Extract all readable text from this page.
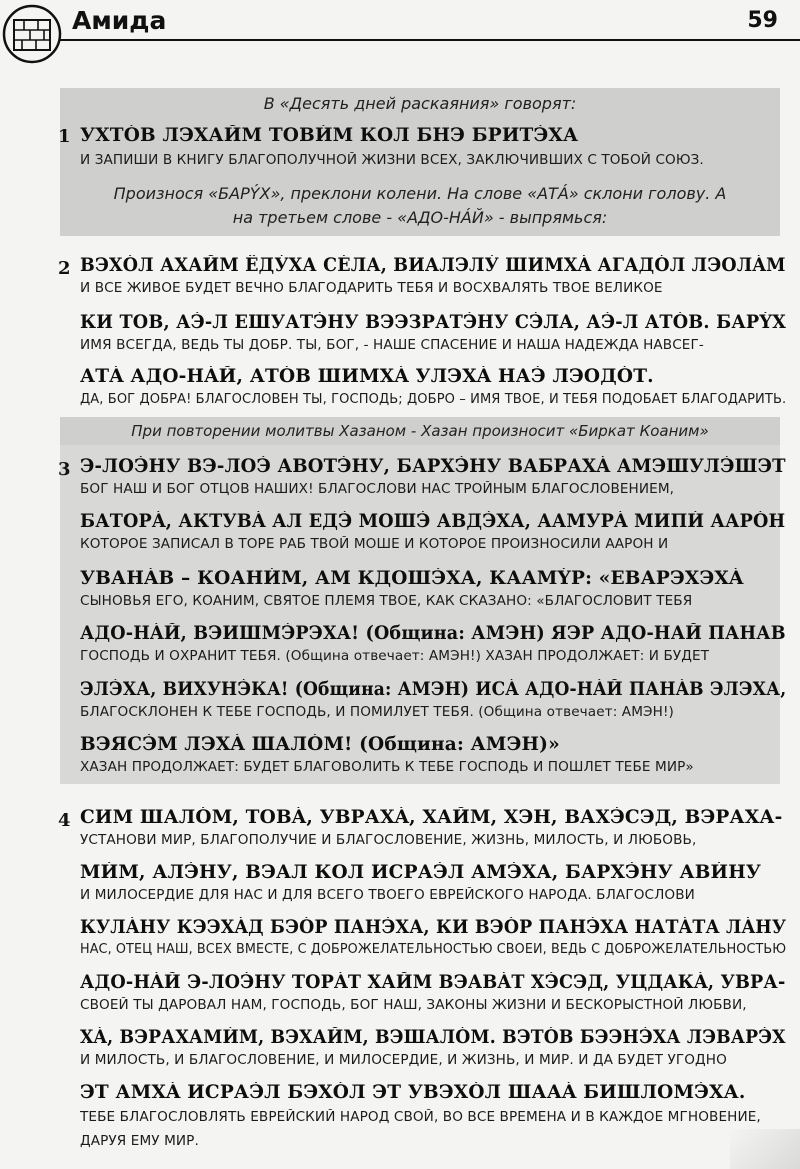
Амида	59
В «Десять дней раскаяния» говорят:
1 УХТÓВ ЛЭХАЙМ ТОВИ́М КОЛ БНЭ БРИТЭ́ХА
И ЗАПИШИ В КНИГУ БЛАГОПОЛУЧНОЙ ЖИЗНИ ВСЕХ, ЗАКЛЮЧИВШИХ С ТОБОЙ СОЮЗ.
Произнося «БАРÝХ», преклони колени. На слове «АТÁ» склони голову. А
на третьем слове - «АДО-НÁЙ» - выпрямься:
2 ВЭХÓЛ АХАЙМ ЁДУ́ХА СÉЛА, ВИАЛЭЛУ́ ШИМХÁ АГАДÓЛ ЛЭОЛÁМ
И ВСЕ ЖИВОЕ БУДЕТ ВЕЧНО БЛАГОДАРИТЬ ТЕБЯ И ВОСХВАЛЯТЬ ТВОЕ ВЕЛИКОЕ
КИ ТОВ, АЭ́-Л ЕШУАТЭ́НУ ВЭЭЗРАТЭ́НУ СЭ́ЛА, АЭ́-Л АТÓВ. БАРÝХ
ИМЯ ВСЕГДА, ВЕДЬ ТЫ ДОБР. ТЫ, БОГ, - НАШЕ СПАСЕНИЕ И НАША НАДЕЖДА НАВСЕГ-
АТÁ АДО-НÁЙ, АТÓВ ШИМХÁ УЛЭХÁ НАЭ́ ЛЭОДÓТ.
ДА, БОГ ДОБРА! БЛАГОСЛОВЕН ТЫ, ГОСПОДЬ; ДОБРО – ИМЯ ТВОЕ, И ТЕБЯ ПОДОБАЕТ БЛАГОДАРИТЬ.
При повторении молитвы Хазаном - Хазан произносит «Биркат Коаним»
3 Э-ЛОЭ́НУ ВЭ-ЛОЭ́ АВОТЭ́НУ, БАРХЭ́НУ ВАБРАХÁ АМЭШУЛЭ́ШЭТ
БОГ НАШ И БОГ ОТЦОВ НАШИХ! БЛАГОСЛОВИ НАС ТРОЙНЫМ БЛАГОСЛОВЕНИЕМ,
БАТОРÁ, АКТУВÁ АЛ ЕДЭ́ МОШЭ́ АВДЭ́ХА, ААМУРÁ МИПИ́ ААРÓН
КОТОРОЕ ЗАПИСАЛ В ТОРЕ РАБ ТВОЙ МОШЕ И КОТОРОЕ ПРОИЗНОСИЛИ ААРОН И
УВАНÁВ – КОАНИ́М, АМ КДОШЭ́ХА, КААМÝР: «ЕВАРЭХЭХÁ
СЫНОВЬЯ ЕГО, КОАНИМ, СВЯТОЕ ПЛЕМЯ ТВОЕ, КАК СКАЗАНО: «БЛАГОСЛОВИТ ТЕБЯ
АДО-НÁЙ, ВЭИШМЭ́РЭХА! (Община: АМЭН) ЯЭР АДО-НАЙ ПАНАВ
ГОСПОДЬ И ОХРАНИТ ТЕБЯ. (Община отвечает: АМЭН!) ХАЗАН ПРОДОЛЖАЕТ: И БУДЕТ
ЭЛЭ́ХА, ВИХУНЭ́КА! (Община: АМЭН) ИСÁ АДО-НÁЙ ПАНÁВ ЭЛЭХА,
БЛАГОСКЛОНЕН К ТЕБЕ ГОСПОДЬ, И ПОМИЛУЕТ ТЕБЯ. (Община отвечает: АМЭН!)
ВЭЯСЭ́М ЛЭХÁ ШАЛÓМ! (Община: АМЭН)»
ХАЗАН ПРОДОЛЖАЕТ: БУДЕТ БЛАГОВОЛИТЬ К ТЕБЕ ГОСПОДЬ И ПОШЛЕТ ТЕБЕ МИР»
4 СИМ ШАЛÓМ, ТОВÁ, УВРАХÁ, ХАЙМ, ХЭН, ВАХЭ́СЭД, ВЭРАХА-
УСТАНОВИ МИР, БЛАГОПОЛУЧИЕ И БЛАГОСЛОВЕНИЕ, ЖИЗНЬ, МИЛОСТЬ, И ЛЮБОВЬ,
МИ́М, АЛЭ́НУ, ВЭАЛ КОЛ ИСРАЭ́Л АМЭ́ХА, БАРХЭ́НУ АВИ́НУ
И МИЛОСЕРДИЕ ДЛЯ НАС И ДЛЯ ВСЕГО ТВОЕГО ЕВРЕЙСКОГО НАРОДА. БЛАГОСЛОВИ
КУЛÁНУ КЭЭХÁД БЭÓР ПАНЭ́ХА, КИ ВЭÓР ПАНЭ́ХА НАТÁТА ЛÁНУ
НАС, ОТЕЦ НАШ, ВСЕХ ВМЕСТЕ, С ДОБРОЖЕЛАТЕЛЬНОСТЬЮ СВОЕЙ, ВЕДЬ С ДОБРОЖЕЛАТЕЛЬНОСТЬЮ
АДО-НÁЙ Э-ЛОЭ́НУ ТОРÁТ ХАЙМ ВЭАВÁТ ХЭ́СЭД, УЦДАКÁ, УВРА-
СВОЕЙ ТЫ ДАРОВАЛ НАМ, ГОСПОДЬ, БОГ НАШ, ЗАКОНЫ ЖИЗНИ И БЕСКОРЫСТНОЙ ЛЮБВИ,
ХÁ, ВЭРАХАМИ́М, ВЭХАЙМ, ВЭШАЛÓМ. ВЭТÓВ БЭЭНЭ́ХА ЛЭВАРЭ́Х
И МИЛОСТЬ, И БЛАГОСЛОВЕНИЕ, И МИЛОСЕРДИЕ, И ЖИЗНЬ, И МИР. И ДА БУДЕТ УГОДНО
ЭТ АМХÁ ИСРАЭ́Л БЭХÓЛ ЭТ УВЭХÓЛ ШААÁ БИШЛОМЭ́ХА.
ТЕБЕ БЛАГОСЛОВЛЯТЬ ЕВРЕЙСКИЙ НАРОД СВОЙ, ВО ВСЕ ВРЕМЕНА И В КАЖДОЕ МГНОВЕНИЕ,
ДАРУЯ ЕМУ МИР.
